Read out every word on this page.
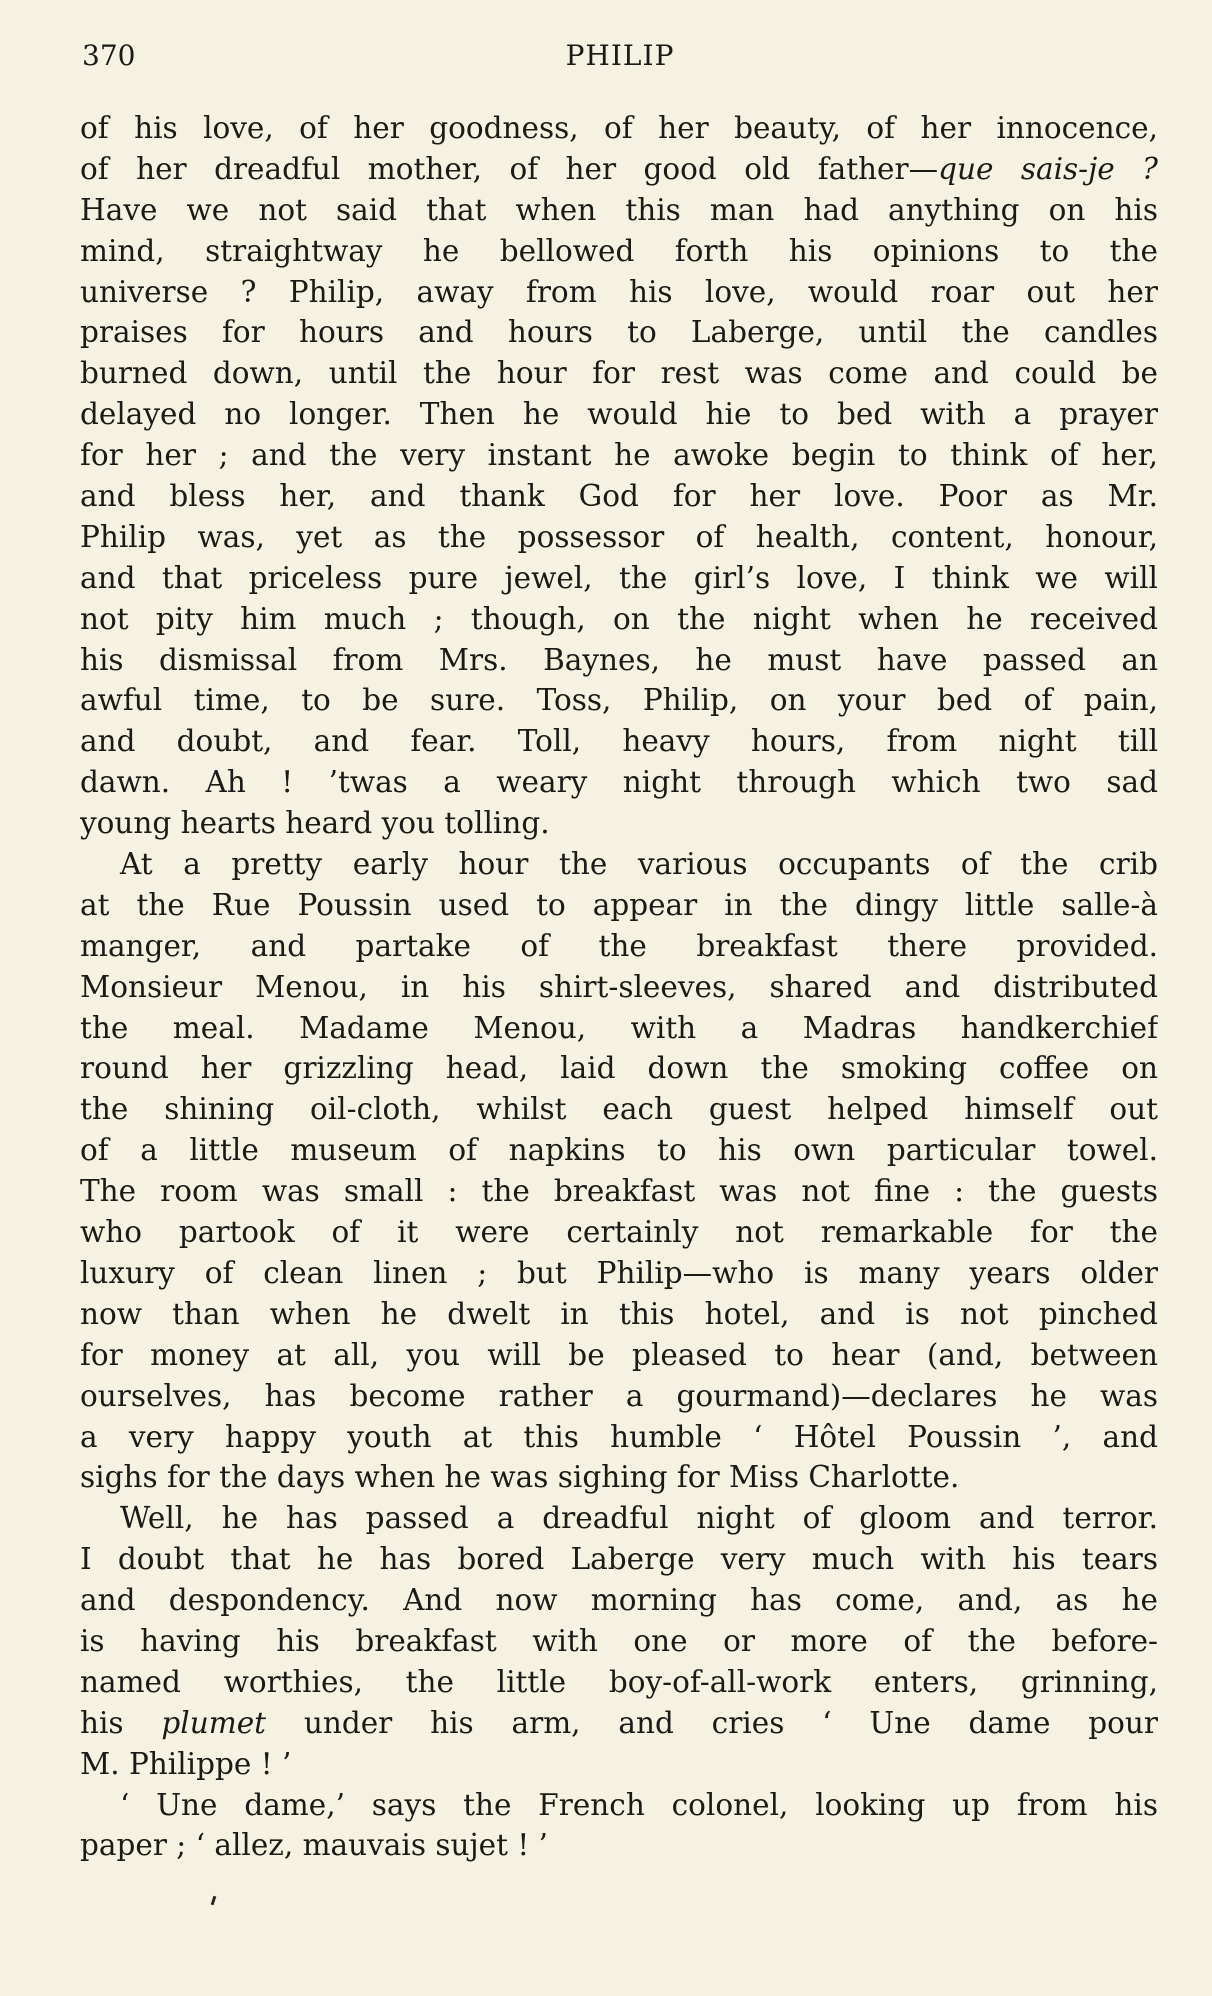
370	PHILIP
of his love, of her goodness, of her beauty, of her innocence,
of her dreadful mother, of her good old father—que sais-je ?
Have we not said that when this man had anything on his
mind, straightway he bellowed forth his opinions to the
universe ? Philip, away from his love, would roar out her
praises for hours and hours to Laberge, until the candles
burned down, until the hour for rest was come and could be
delayed no longer. Then he would hie to bed with a prayer
for her ; and the very instant he awoke begin to think of her,
and bless her, and thank God for her love. Poor as Mr.
Philip was, yet as the possessor of health, content, honour,
and that priceless pure jewel, the girl’s love, I think we will
not pity him much ; though, on the night when he received
his dismissal from Mrs. Baynes, he must have passed an
awful time, to be sure. Toss, Philip, on your bed of pain,
and doubt, and fear. Toll, heavy hours, from night till
dawn. Ah ! ’twas a weary night through which two sad
young hearts heard you tolling.
At a pretty early hour the various occupants of the crib
at the Rue Poussin used to appear in the dingy little salle-à
manger, and partake of the breakfast there provided.
Monsieur Menou, in his shirt-sleeves, shared and distributed
the meal. Madame Menou, with a Madras handkerchief
round her grizzling head, laid down the smoking coffee on
the shining oil-cloth, whilst each guest helped himself out
of a little museum of napkins to his own particular towel.
The room was small : the breakfast was not fine : the guests
who partook of it were certainly not remarkable for the
luxury of clean linen ; but Philip—who is many years older
now than when he dwelt in this hotel, and is not pinched
for money at all, you will be pleased to hear (and, between
ourselves, has become rather a gourmand)—declares he was
a very happy youth at this humble ‘ Hôtel Poussin ’, and
sighs for the days when he was sighing for Miss Charlotte.
Well, he has passed a dreadful night of gloom and terror.
I doubt that he has bored Laberge very much with his tears
and despondency. And now morning has come, and, as he
is having his breakfast with one or more of the before-
named worthies, the little boy-of-all-work enters, grinning,
his plumet under his arm, and cries ‘ Une dame pour
M. Philippe ! ’
‘ Une dame,’ says the French colonel, looking up from his
paper ; ‘ allez, mauvais sujet ! ’
